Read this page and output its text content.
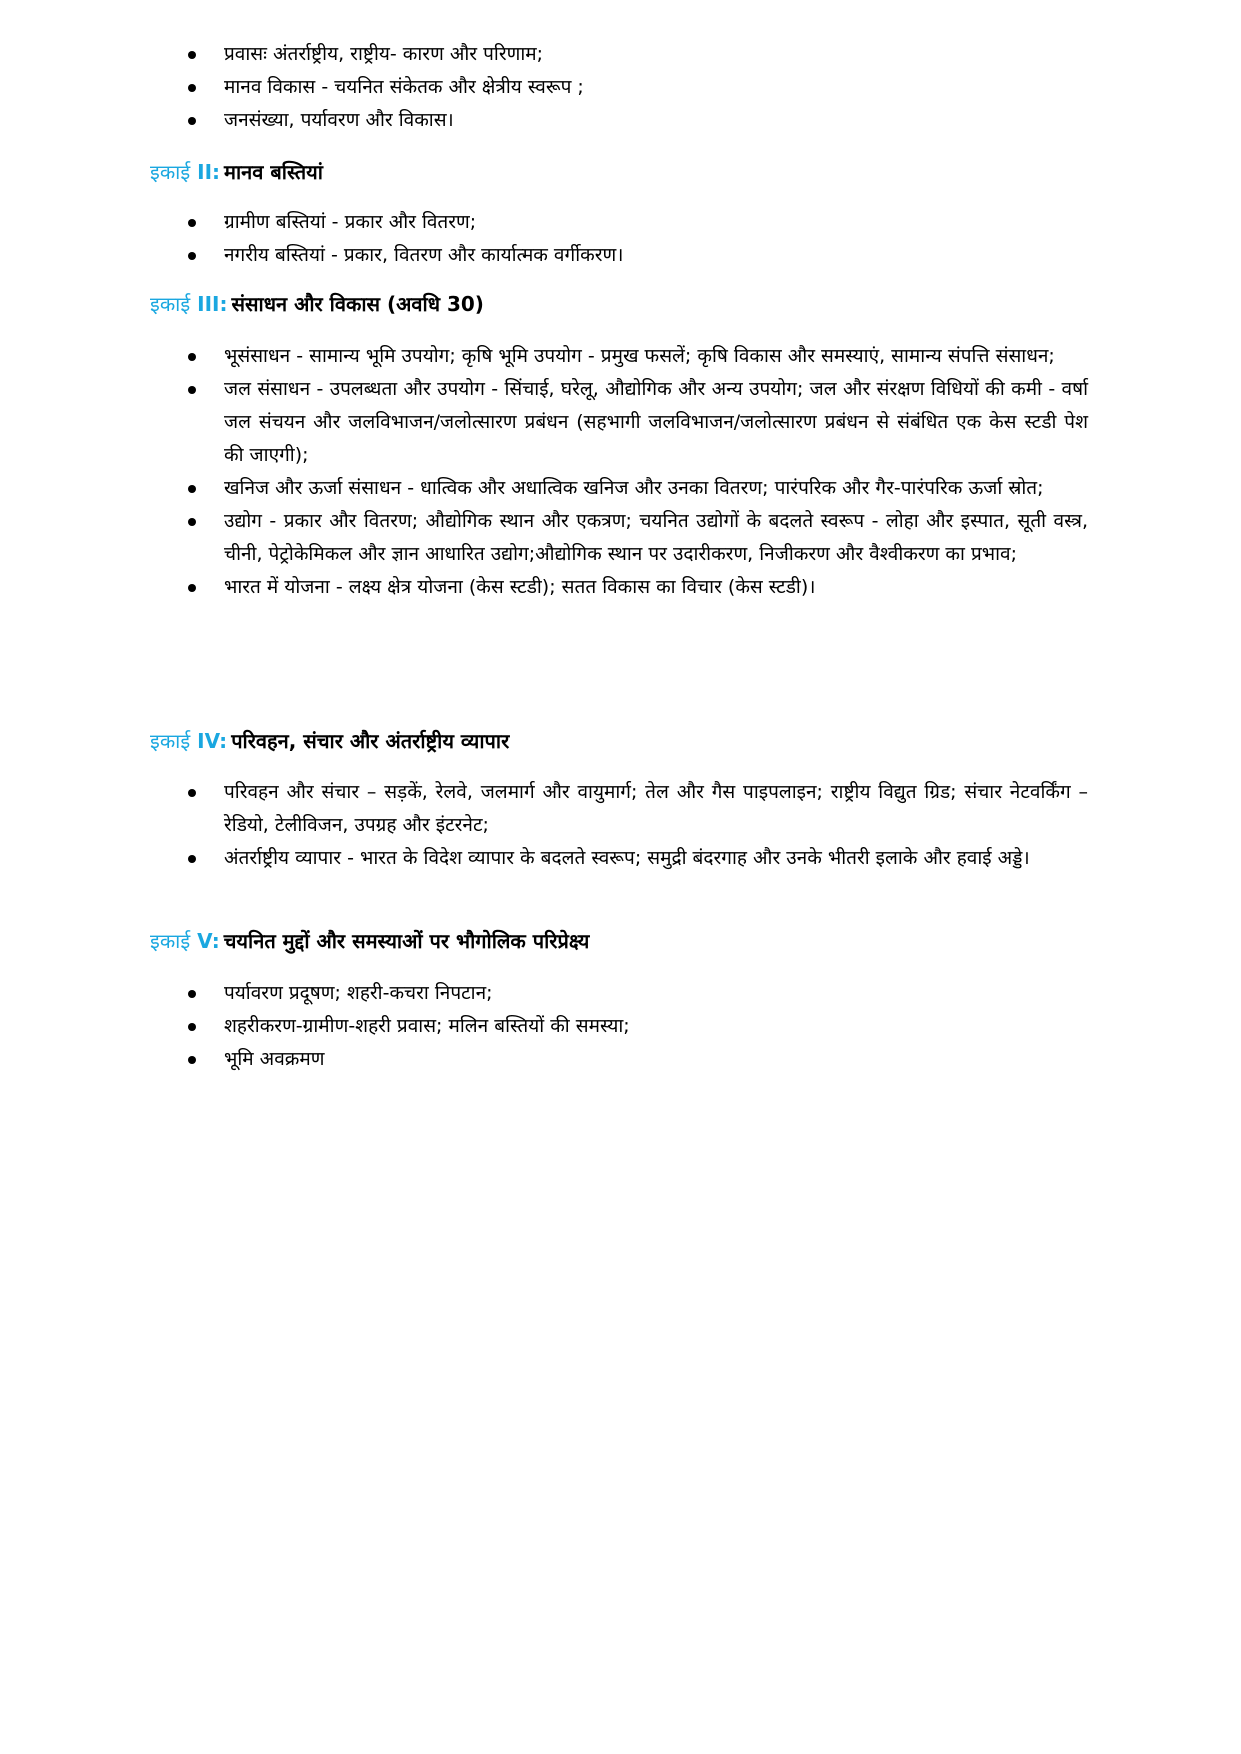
प्रवासः अंतर्राष्ट्रीय, राष्ट्रीय- कारण और परिणाम;
मानव विकास - चयनित संकेतक और क्षेत्रीय स्वरूप ;
जनसंख्या, पर्यावरण और विकास।
इकाई II: मानव बस्तियां
ग्रामीण बस्तियां - प्रकार और वितरण;
नगरीय बस्तियां - प्रकार, वितरण और कार्यात्मक वर्गीकरण।
इकाई III: संसाधन और विकास (अवधि 30)
भूसंसाधन - सामान्य भूमि उपयोग; कृषि भूमि उपयोग - प्रमुख फसलें; कृषि विकास और समस्याएं, सामान्य संपत्ति संसाधन;
जल संसाधन - उपलब्धता और उपयोग - सिंचाई, घरेलू, औद्योगिक और अन्य उपयोग; जल और संरक्षण विधियों की कमी - वर्षा जल संचयन और जलविभाजन/जलोत्सारण प्रबंधन (सहभागी जलविभाजन/जलोत्सारण प्रबंधन से संबंधित एक केस स्टडी पेश की जाएगी);
खनिज और ऊर्जा संसाधन - धात्विक और अधात्विक खनिज और उनका वितरण; पारंपरिक और गैर-पारंपरिक ऊर्जा स्रोत;
उद्योग - प्रकार और वितरण; औद्योगिक स्थान और एकत्रण; चयनित उद्योगों के बदलते स्वरूप - लोहा और इस्पात, सूती वस्त्र, चीनी, पेट्रोकेमिकल और ज्ञान आधारित उद्योग;औद्योगिक स्थान पर उदारीकरण, निजीकरण और वैश्वीकरण का प्रभाव;
भारत में योजना - लक्ष्य क्षेत्र योजना (केस स्टडी); सतत विकास का विचार (केस स्टडी)।
इकाई IV: परिवहन, संचार और अंतर्राष्ट्रीय व्यापार
परिवहन और संचार – सड़कें, रेलवे, जलमार्ग और वायुमार्ग; तेल और गैस पाइपलाइन; राष्ट्रीय विद्युत ग्रिड; संचार नेटवर्किंग – रेडियो, टेलीविजन, उपग्रह और इंटरनेट;
अंतर्राष्ट्रीय व्यापार - भारत के विदेश व्यापार के बदलते स्वरूप; समुद्री बंदरगाह और उनके भीतरी इलाके और हवाई अड्डे।
इकाई V: चयनित मुद्दों और समस्याओं पर भौगोलिक परिप्रेक्ष्य
पर्यावरण प्रदूषण; शहरी-कचरा निपटान;
शहरीकरण-ग्रामीण-शहरी प्रवास; मलिन बस्तियों की समस्या;
भूमि अवक्रमण
